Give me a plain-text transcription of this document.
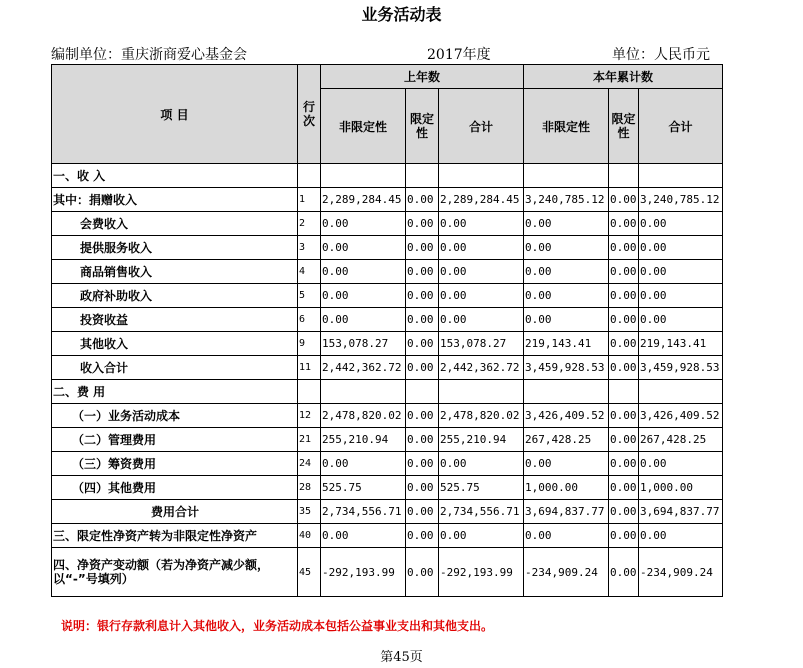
业务活动表
编制单位：重庆浙商爱心基金会	2017年度	单位：人民币元
项 目	行次	上年数			本年累计数		
		非限定性	限定性	合计	非限定性	限定性	合计
一、收 入							
其中：捐赠收入	1	2,289,284.45	0.00	2,289,284.45	3,240,785.12	0.00	3,240,785.12
会费收入	2	0.00	0.00	0.00	0.00	0.00	0.00
提供服务收入	3	0.00	0.00	0.00	0.00	0.00	0.00
商品销售收入	4	0.00	0.00	0.00	0.00	0.00	0.00
政府补助收入	5	0.00	0.00	0.00	0.00	0.00	0.00
投资收益	6	0.00	0.00	0.00	0.00	0.00	0.00
其他收入	9	153,078.27	0.00	153,078.27	219,143.41	0.00	219,143.41
收入合计	11	2,442,362.72	0.00	2,442,362.72	3,459,928.53	0.00	3,459,928.53
二、费 用							
（一）业务活动成本	12	2,478,820.02	0.00	2,478,820.02	3,426,409.52	0.00	3,426,409.52
（二）管理费用	21	255,210.94	0.00	255,210.94	267,428.25	0.00	267,428.25
（三）筹资费用	24	0.00	0.00	0.00	0.00	0.00	0.00
（四）其他费用	28	525.75	0.00	525.75	1,000.00	0.00	1,000.00
费用合计	35	2,734,556.71	0.00	2,734,556.71	3,694,837.77	0.00	3,694,837.77
三、限定性净资产转为非限定性净资产	40	0.00	0.00	0.00	0.00	0.00	0.00
四、净资产变动额（若为净资产减少额，以“-”号填列）	45	-292,193.99	0.00	-292,193.99	-234,909.24	0.00	-234,909.24
说明：银行存款利息计入其他收入，业务活动成本包括公益事业支出和其他支出。
第45页
